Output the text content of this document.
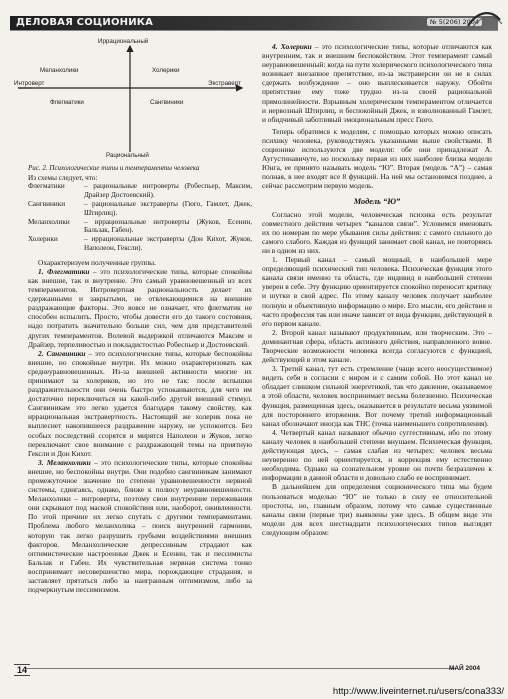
ДЕЛОВАЯ СОЦИОНИКА	№ 5(206) 2004
Иррациональный
Рациональный
Интроверт	Экстраверт
Меланхолики	Холерики
Флегматики	Сангвиники
Рис. 2. Психологические типы и темпераменты человека
Из схемы следует, что:
Флегматики	– рациональные интроверты (Робеспьер, Максим, Драйзер Достоевский).
Сангвиники	– рациональные экстраверты (Гюго, Гамлет, Джек, Штирлиц).
Меланхолики	– иррациональные интроверты (Жуков, Есенин, Бальзак, Габен).
Холерики	– иррациональные экстраверты (Дон Кихот, Жуков, Наполеон, Гексли).

Охарактеризуем полученные группы.

1. Флегматики – это психологические типы, которые спокойны как внешне, так и внутренне. Это самый уравновешенный из всех темпераментов. Интровертная рациональность делает их сдержанными и закрытыми, не отвлекающимися на внешние раздражающие факторы. Это вовсе не означает, что флегматик не способен вспылить. Просто, чтобы довести его до такого состояния, надо потратить значительно больше сил, чем для представителей других темпераментов. Волевой выдержкой отличаются Максим и Драйзер, терпеливостью и покладистостью Робеспьер и Достоевский.

2. Сангвиники – это психологические типы, которые беспокойны внешне, но спокойные внутри. Их можно охарактеризовать как среднеуравновешенных. Из-за внешней активности многие их принимают за холериков, но это не так: после вспышки раздражительности они очень быстро успокаиваются, для чего им достаточно переключиться на какой-либо другой внешний стимул. Сангвиникам это легко удается благодаря такому свойству, как иррациональная экстравертность. Настоящий же холерик пока не выплеснет накопившееся раздражение наружу, не успокоится. Без особых последствий ссорятся и мирятся Наполеон и Жуков, легко переключают свое внимание с раздражающей темы на приятную Гексли и Дон Кихот.

3. Меланхолики – это психологические типы, которые спокойны внешне, но беспокойны внутри. Они подобно сангвиникам занимают промежуточное значение по степени уравновешенности нервной системы, сдвигаясь, однако, ближе к полюсу неуравновешенности. Меланхолики – интроверты, поэтому свои внутренние переживания они скрывают под маской спокойствия или, наоборот, оживленности. По этой причине их легко спутать с другими темпераментами. Проблема любого меланхолика – поиск внутренней гармонии, которую так легко разрушить грубыми воздействиями внешних факторов. Меланхолические депрессивным страдают как оптимистические настроенные Джек и Есенин, так и пессимисты Бальзак и Габен. Их чувствительная нервная система тонко воспринимает несовершенство мира, порождающее страдания, и заставляет прятаться либо за наигранным оптимизмом, либо за подчеркнутым пессимизмом.

4. Холерики – это психологические типы, которые отличаются как внутренним, так и внешним беспокойством. Этот темперамент самый неуравновешенный: когда на пути холерического психологического типа возникает внезапное препятствие, из-за экстраверсии он не в силах сдержать возбуждение – оно выплескивается наружу. Обойти препятствие ему тоже трудно из-за своей рациональной прямолинейности. Взрывным холерическим темпераментом отличается и нервозный Штирлиц, и беспокойный Джек, и взволнованный Гамлет, и обидчивый заботливый эмоциональным пресс Гюго.

Теперь обратимся к моделям, с помощью которых можно описать психику человека, руководствуясь указанными выше свойствами. В соционике используются две модели: обе они принадлежат А. Аугустинавичуте, но поскольку первая из них наиболее близка модели Юнга, ее принято называть модель “Ю”. Вторая (модель “А”) – самая полная, в нее входят все 8 функций. На ней мы остановимся позднее, а сейчас рассмотрим первую модель.

Модель “Ю”

Согласно этой модели, человеческая психика есть результат совместного действия четырех “каналов связи”. Условимся именовать их по номерам по мере убывания силы действия: с самого сильного до самого слабого. Каждая из функций занимает свой канал, не повторяясь ни в одном из них.

1. Первый канал – самый мощный, в наибольшей мере определяющий психический тип человека. Психическая функция этого канала связи именно та область, где индивид в наибольшей степени уверен в себе. Эту функцию ориентируется спокойно переносит критику и шутки в свой адрес. По этому каналу человек получает наиболее полную и объективную информацию о мире. Его мысли, его действия и часто профессия так или иначе зависят от вида функции, действующей в его первом канале.

2. Второй канал называют продуктивным, или творческим. Это – доминантная сфера, область активного действия, направленного вовне. Творческие возможности человека всегда согласуются с функцией, действующей в этом канале.

3. Третий канал, тут есть стремление (чаще всего неосуществимое) видеть себя в согласии с миром и с самим собой. Но этот канал не обладает слишком сильной энергетикой, так что давление, оказываемое в этой области, человек воспринимает весьма болезненно. Психическая функция, размещенная здесь, оказывается в результате весьма уязвимой для постороннего вторжения. Вот почему третий информационный канал обозначают иногда как ТНС (точка наименьшего сопротивления).

4. Четвертый канал называют обычно суггестивным, ибо по этому каналу человек в наибольшей степени внушаем. Психическая функция, действующая здесь, – самая слабая из четырех: человек весьма неуверенно по ней ориентируется, и коррекция ему естественно необходима. Однако на сознательном уровне он почти безразличен к информации в данной области и довольно слабо ее воспринимает.

В дальнейшем для определения соционического типа мы будем пользоваться моделью “Ю” не только в силу ее относительной простоты, но, главным образом, потому что самые существенные каналы связи (первые три) выявлены уже здесь. В общем виде эти модели для всех шестнадцати психологических типов выглядят следующим образом:

14	МАЙ 2004
http://www.liveinternet.ru/users/cona333/
